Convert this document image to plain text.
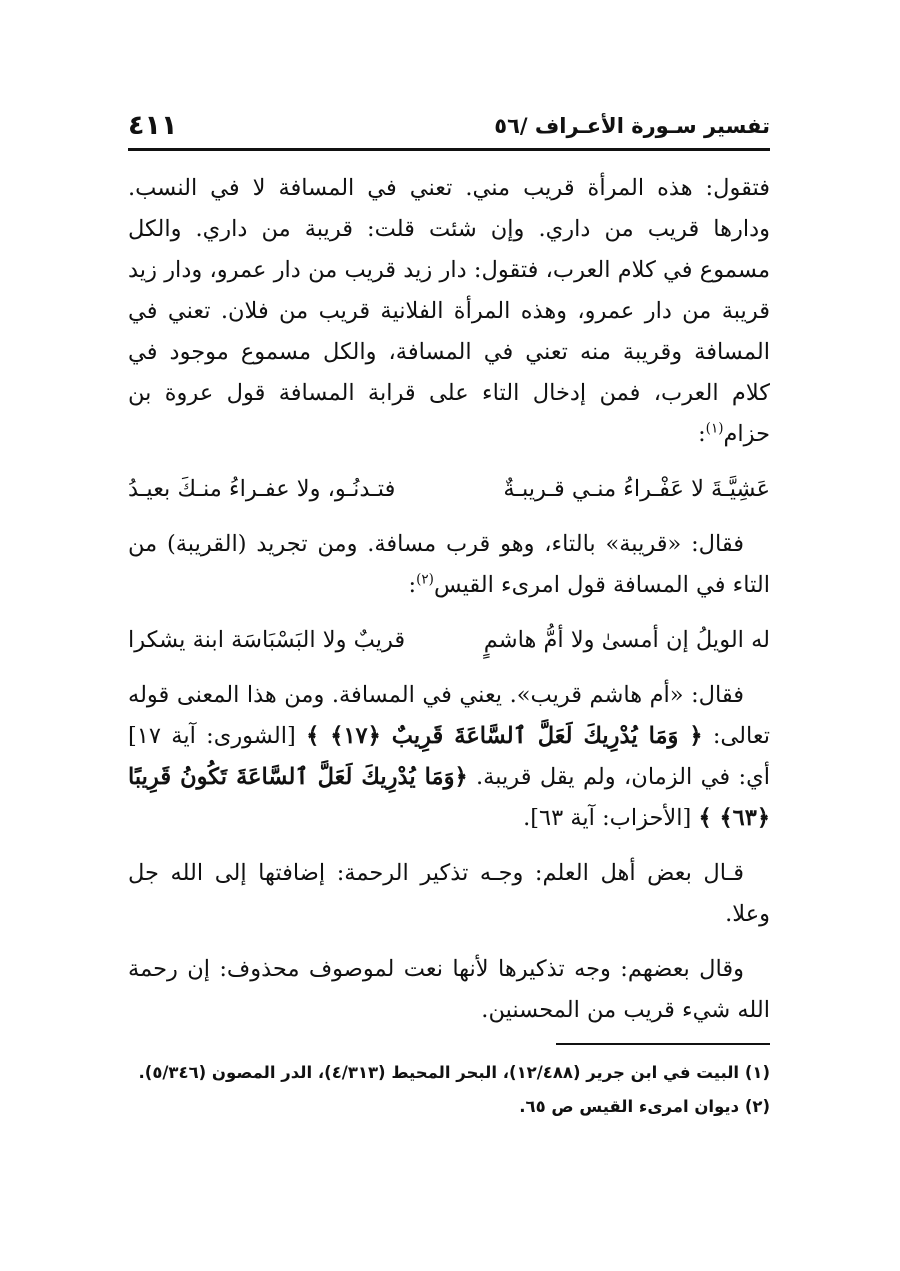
تفسير سـورة الأعـراف /٥٦
٤١١

فتقول: هذه المرأة قريب مني. تعني في المسافة لا في النسب. ودارها قريب من داري. وإن شئت قلت: قريبة من داري. والكل مسموع في كلام العرب، فتقول: دار زيد قريب من دار عمرو، ودار زيد قريبة من دار عمرو، وهذه المرأة الفلانية قريب من فلان. تعني في المسافة وقريبة منه تعني في المسافة، والكل مسموع موجود في كلام العرب، فمن إدخال التاء على قرابة المسافة قول عروة بن حزام$^{(١)}$:

عَشِيَّـةَ لا عَفْـراءُ منـي قـريبـةٌ
فتـدنُـو، ولا عفـراءُ منـكَ بعيـدُ

فقال: «قريبة» بالتاء، وهو قرب مسافة. ومن تجريد (القريبة) من التاء في المسافة قول امرىء القيس$^{(٢)}$:

له الويلُ إن أمسىٰ ولا أمُّ هاشمٍ
قريبٌ ولا البَسْبَاسَة ابنة يشكرا

فقال: «أم هاشم قريب». يعني في المسافة. ومن هذا المعنى قوله تعالى: ﴿ وَمَا يُدْرِيكَ لَعَلَّ ٱلسَّاعَةَ قَرِيبٌ ﴿١٧﴾ ﴾ [الشورى: آية ١٧] أي: في الزمان، ولم يقل قريبة. ﴿وَمَا يُدْرِيكَ لَعَلَّ ٱلسَّاعَةَ تَكُونُ قَرِيبًا ﴿٦٣﴾ ﴾ [الأحزاب: آية ٦٣].

قـال بعض أهل العلم: وجـه تذكير الرحمة: إضافتها إلى الله جل وعلا.

وقال بعضهم: وجه تذكيرها لأنها نعت لموصوف محذوف: إن رحمة الله شيء قريب من المحسنين.

(١) البيت في ابن جرير (١٢/٤٨٨)، البحر المحيط (٤/٣١٣)، الدر المصون (٥/٣٤٦).

(٢) ديوان امرىء القيس ص ٦٥.
